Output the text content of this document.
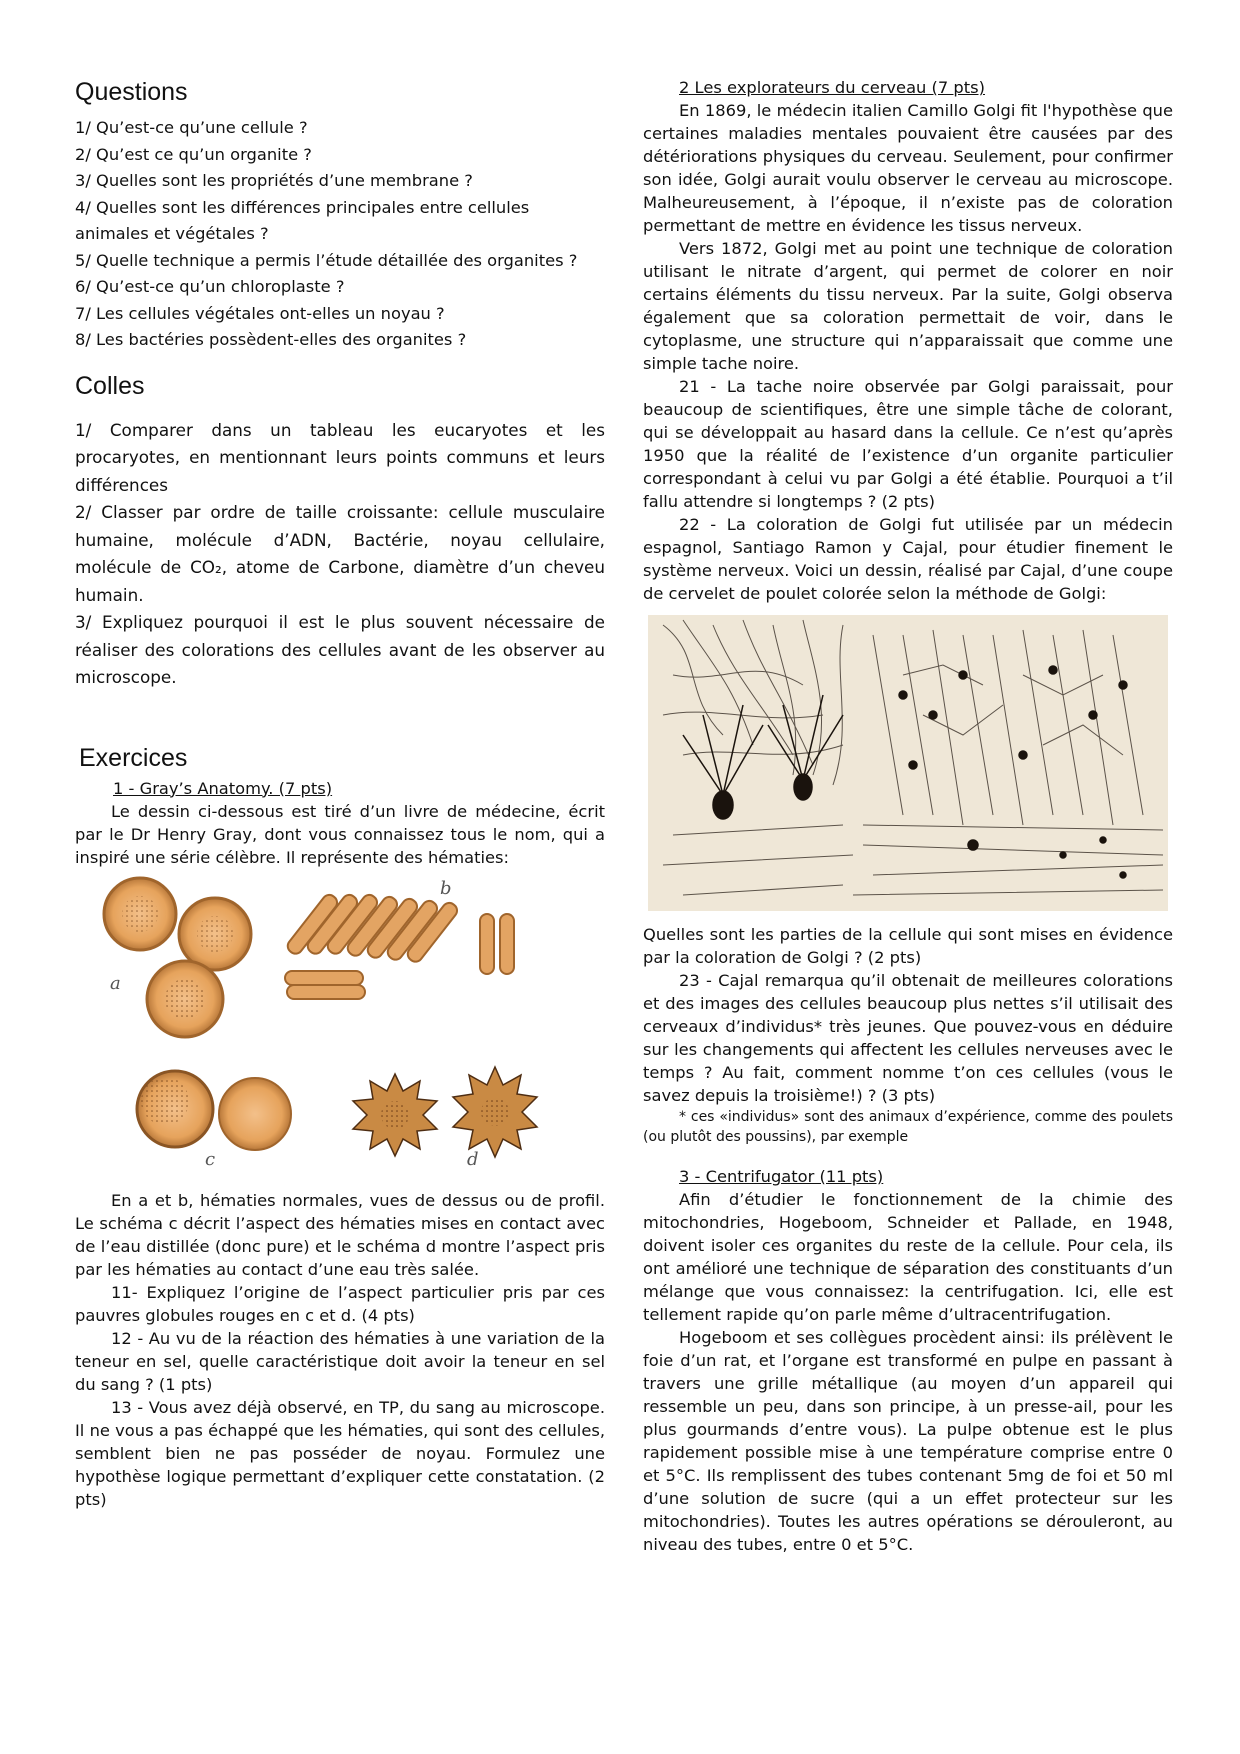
Questions

1/ Qu’est-ce qu’une cellule ?

2/ Qu’est ce qu’un organite ?

3/ Quelles sont les propriétés d’une membrane ?

4/ Quelles sont les différences principales entre cellules animales et végétales ?

5/ Quelle technique a permis l’étude détaillée des organites ?

6/ Qu’est-ce qu’un chloroplaste ?

7/ Les cellules végétales ont-elles un noyau ?

8/ Les bactéries possèdent-elles des organites ?

Colles

1/ Comparer dans un tableau les eucaryotes et les procaryotes, en mentionnant leurs points communs et leurs différences

2/ Classer par ordre de taille croissante: cellule musculaire humaine, molécule d’ADN, Bactérie, noyau cellulaire, molécule de CO₂, atome de Carbone, diamètre d’un cheveu humain.

3/ Expliquez pourquoi il est le plus souvent nécessaire de réaliser des colorations des cellules avant de les observer au microscope.

Exercices

1 - Gray’s Anatomy. (7 pts)

Le dessin ci-dessous est tiré d’un livre de médecine, écrit par le Dr Henry Gray, dont vous connaissez tous le nom, qui a inspiré une série célèbre. Il représente des hématies:

a
b
c	d

En a et b, hématies normales, vues de dessus ou de profil. Le schéma c décrit l’aspect des hématies mises en contact avec de l’eau distillée (donc pure) et le schéma d montre l’aspect pris par les hématies au contact d’une eau très salée.

11- Expliquez l’origine de l’aspect particulier pris par ces pauvres globules rouges en c et d. (4 pts)

12 - Au vu de la réaction des hématies à une variation de la teneur en sel, quelle caractéristique doit avoir la teneur en sel du sang ? (1 pts)

13 - Vous avez déjà observé, en TP, du sang au microscope. Il ne vous a pas échappé que les hématies, qui sont des cellules, semblent bien ne pas posséder de noyau. Formulez une hypothèse logique permettant d’expliquer cette constatation. (2 pts)

2 Les explorateurs du cerveau (7 pts)

En 1869, le médecin italien Camillo Golgi fit l'hypothèse que certaines maladies mentales pouvaient être causées par des détériorations physiques du cerveau. Seulement, pour confirmer son idée, Golgi aurait voulu observer le cerveau au microscope. Malheureusement, à l’époque, il n’existe pas de coloration permettant de mettre en évidence les tissus nerveux.

Vers 1872, Golgi met au point une technique de coloration utilisant le nitrate d’argent, qui permet de colorer en noir certains éléments du tissu nerveux. Par la suite, Golgi observa également que sa coloration permettait de voir, dans le cytoplasme, une structure qui n’apparaissait que comme une simple tache noire.

21 - La tache noire observée par Golgi paraissait, pour beaucoup de scientifiques, être une simple tâche de colorant, qui se développait au hasard dans la cellule. Ce n’est qu’après 1950 que la réalité de l’existence d’un organite particulier correspondant à celui vu par Golgi a été établie. Pourquoi a t’il fallu attendre si longtemps ? (2 pts)

22 - La coloration de Golgi fut utilisée par un médecin espagnol, Santiago Ramon y Cajal, pour étudier finement le système nerveux. Voici un dessin, réalisé par Cajal, d’une coupe de cervelet de poulet colorée selon la méthode de Golgi:

Quelles sont les parties de la cellule qui sont mises en évidence par la coloration de Golgi ? (2 pts)

23 - Cajal remarqua qu’il obtenait de meilleures colorations et des images des cellules beaucoup plus nettes s’il utilisait des cerveaux d’individus* très jeunes. Que pouvez-vous en déduire sur les changements qui affectent les cellules nerveuses avec le temps ? Au fait, comment nomme t’on ces cellules (vous le savez depuis la troisième!) ? (3 pts)

* ces «individus» sont des animaux d’expérience, comme des poulets (ou plutôt des poussins), par exemple

3 - Centrifugator (11 pts)

Afin d’étudier le fonctionnement de la chimie des mitochondries, Hogeboom, Schneider et Pallade, en 1948, doivent isoler ces organites du reste de la cellule. Pour cela, ils ont amélioré une technique de séparation des constituants d’un mélange que vous connaissez: la centrifugation. Ici, elle est tellement rapide qu’on parle même d’ultracentrifugation.

Hogeboom et ses collègues procèdent ainsi: ils prélèvent le foie d’un rat, et l’organe est transformé en pulpe en passant à travers une grille métallique (au moyen d’un appareil qui ressemble un peu, dans son principe, à un presse-ail, pour les plus gourmands d’entre vous). La pulpe obtenue est le plus rapidement possible mise à une température comprise entre 0 et 5°C. Ils remplissent des tubes contenant 5mg de foi et 50 ml d’une solution de sucre (qui a un effet protecteur sur les mitochondries). Toutes les autres opérations se dérouleront, au niveau des tubes, entre 0 et 5°C.
